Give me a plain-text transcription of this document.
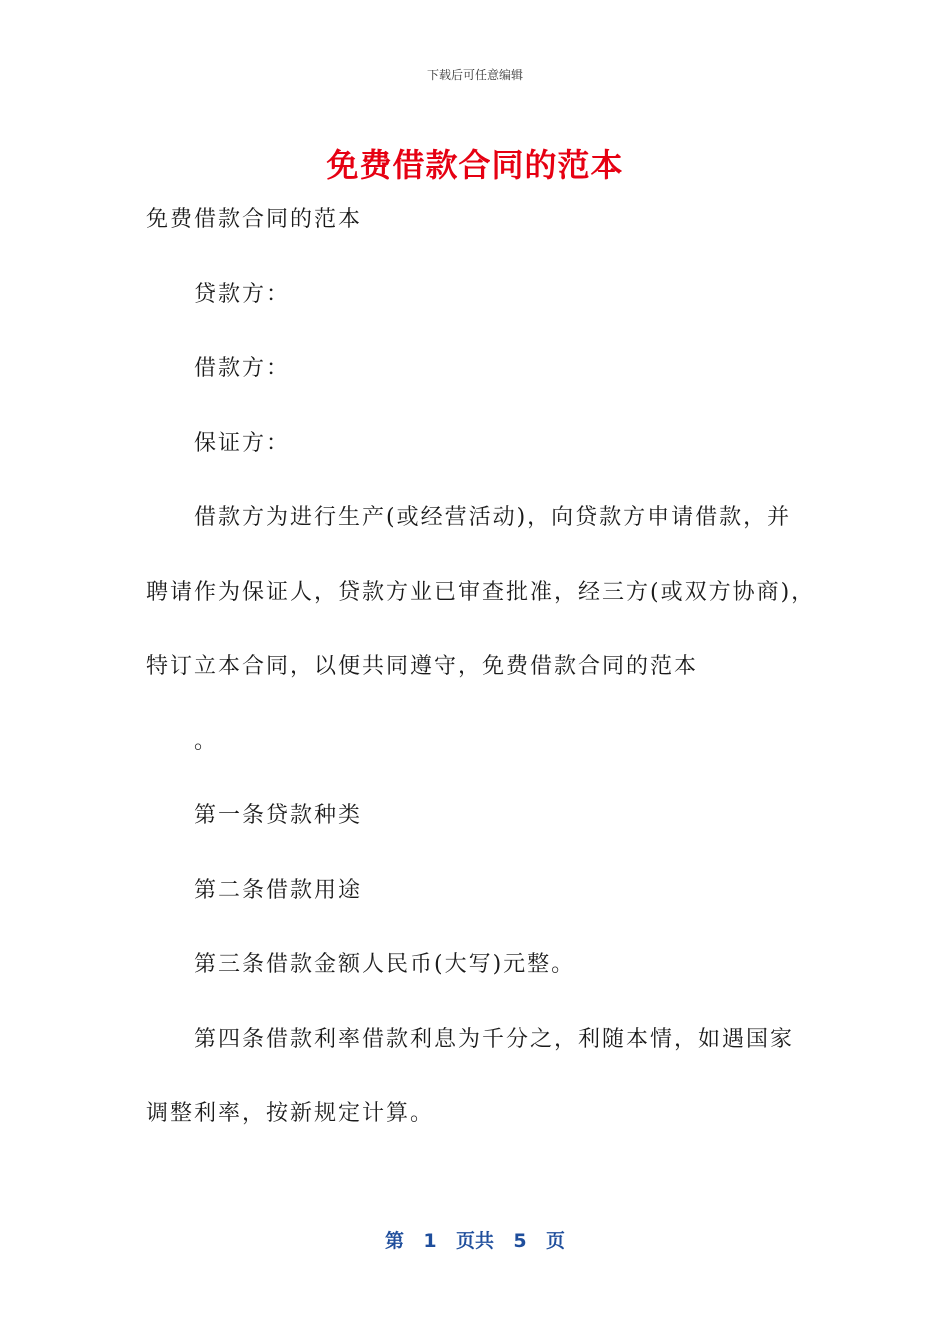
下载后可任意编辑
免费借款合同的范本
免费借款合同的范本
贷款方：
借款方：
保证方：
借款方为进行生产(或经营活动)，向贷款方申请借款，并
聘请作为保证人，贷款方业已审查批准，经三方(或双方协商)，
特订立本合同，以便共同遵守，免费借款合同的范本
。
第一条贷款种类
第二条借款用途
第三条借款金额人民币(大写)元整。
第四条借款利率借款利息为千分之，利随本情，如遇国家
调整利率，按新规定计算。
第 1 页共 5 页
